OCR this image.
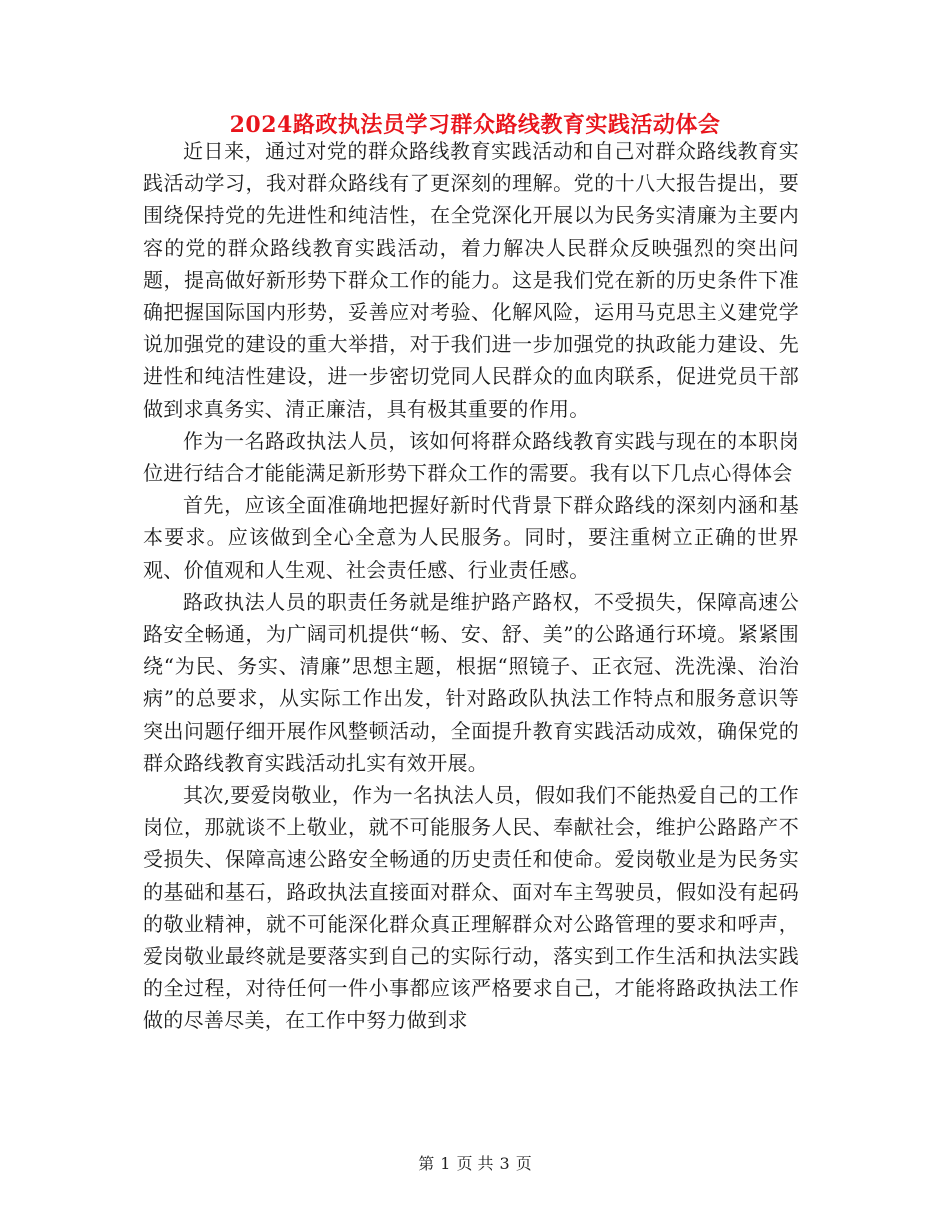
2024路政执法员学习群众路线教育实践活动体会

近日来，通过对党的群众路线教育实践活动和自己对群众路线教育实践活动学习，我对群众路线有了更深刻的理解。党的十八大报告提出，要围绕保持党的先进性和纯洁性，在全党深化开展以为民务实清廉为主要内容的党的群众路线教育实践活动，着力解决人民群众反映强烈的突出问题，提高做好新形势下群众工作的能力。这是我们党在新的历史条件下准确把握国际国内形势，妥善应对考验、化解风险，运用马克思主义建党学说加强党的建设的重大举措，对于我们进一步加强党的执政能力建设、先进性和纯洁性建设，进一步密切党同人民群众的血肉联系，促进党员干部做到求真务实、清正廉洁，具有极其重要的作用。

作为一名路政执法人员，该如何将群众路线教育实践与现在的本职岗位进行结合才能能满足新形势下群众工作的需要。我有以下几点心得体会

首先，应该全面准确地把握好新时代背景下群众路线的深刻内涵和基本要求。应该做到全心全意为人民服务。同时，要注重树立正确的世界观、价值观和人生观、社会责任感、行业责任感。

路政执法人员的职责任务就是维护路产路权，不受损失，保障高速公路安全畅通，为广阔司机提供“畅、安、舒、美”的公路通行环境。紧紧围绕“为民、务实、清廉”思想主题，根据“照镜子、正衣冠、洗洗澡、治治病”的总要求，从实际工作出发，针对路政队执法工作特点和服务意识等突出问题仔细开展作风整顿活动，全面提升教育实践活动成效，确保党的群众路线教育实践活动扎实有效开展。

其次,要爱岗敬业，作为一名执法人员，假如我们不能热爱自己的工作岗位，那就谈不上敬业，就不可能服务人民、奉献社会，维护公路路产不受损失、保障高速公路安全畅通的历史责任和使命。爱岗敬业是为民务实的基础和基石，路政执法直接面对群众、面对车主驾驶员，假如没有起码的敬业精神，就不可能深化群众真正理解群众对公路管理的要求和呼声，爱岗敬业最终就是要落实到自己的实际行动，落实到工作生活和执法实践的全过程，对待任何一件小事都应该严格要求自己，才能将路政执法工作做的尽善尽美，在工作中努力做到求

第 1 页 共 3 页
